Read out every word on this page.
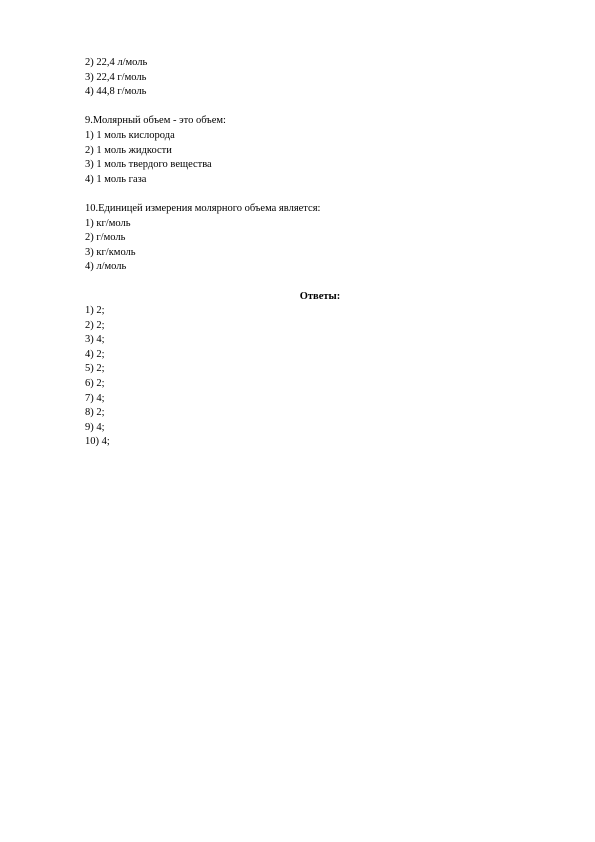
2) 22,4 л/моль
3) 22,4 г/моль
4) 44,8 г/моль
9.Молярный объем - это объем:
1) 1 моль кислорода
2) 1 моль жидкости
3) 1 моль твердого вещества
4) 1 моль газа
10.Единицей измерения молярного объема является:
1) кг/моль
2) г/моль
3) кг/кмоль
4) л/моль
Ответы:
1) 2;
2) 2;
3) 4;
4) 2;
5) 2;
6) 2;
7) 4;
8) 2;
9) 4;
10) 4;
